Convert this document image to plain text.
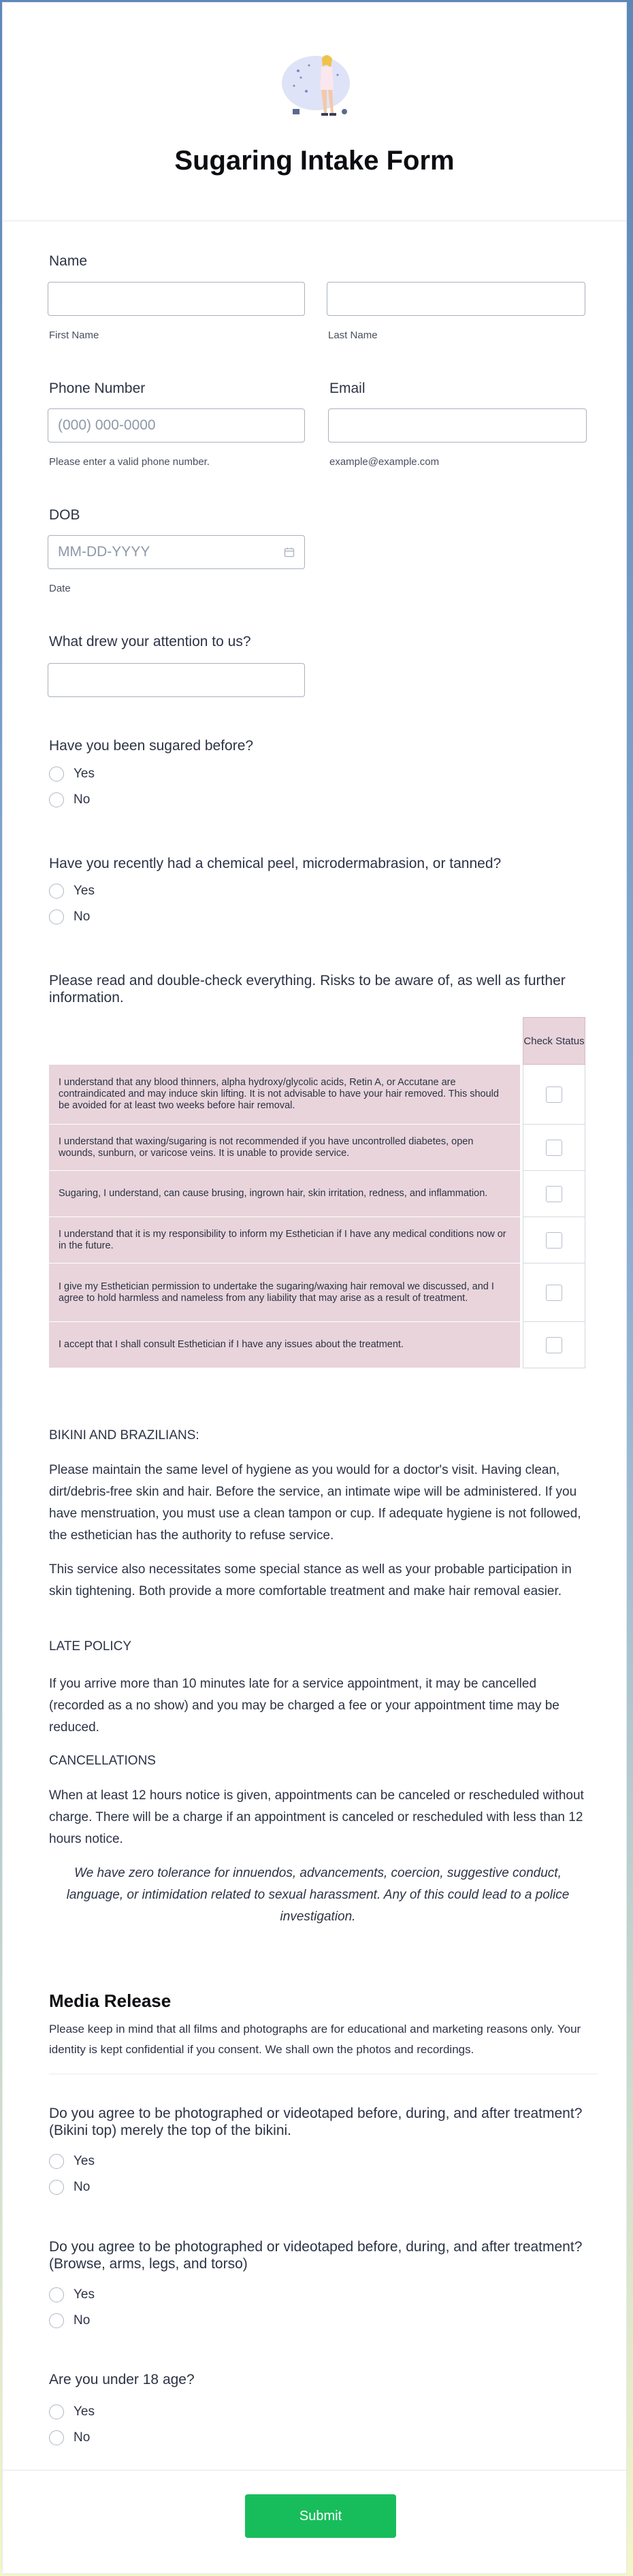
Sugaring Intake Form
Name
First Name	Last Name
Phone Number	Email
(000) 000-0000
Please enter a valid phone number.	example@example.com
DOB
MM-DD-YYYY
Date
What drew your attention to us?
Have you been sugared before?
Yes
No
Have you recently had a chemical peel, microdermabrasion, or tanned?
Yes
No
Please read and double-check everything. Risks to be aware of, as well as further information.
Check Status
I understand that any blood thinners, alpha hydroxy/glycolic acids, Retin A, or Accutane are contraindicated and may induce skin lifting. It is not advisable to have your hair removed. This should be avoided for at least two weeks before hair removal.
I understand that waxing/sugaring is not recommended if you have uncontrolled diabetes, open wounds, sunburn, or varicose veins. It is unable to provide service.
Sugaring, I understand, can cause brusing, ingrown hair, skin irritation, redness, and inflammation.
I understand that it is my responsibility to inform my Esthetician if I have any medical conditions now or in the future.
I give my Esthetician permission to undertake the sugaring/waxing hair removal we discussed, and I agree to hold harmless and nameless from any liability that may arise as a result of treatment.
I accept that I shall consult Esthetician if I have any issues about the treatment.
BIKINI AND BRAZILIANS:
Please maintain the same level of hygiene as you would for a doctor's visit. Having clean, dirt/debris-free skin and hair. Before the service, an intimate wipe will be administered. If you have menstruation, you must use a clean tampon or cup. If adequate hygiene is not followed, the esthetician has the authority to refuse service.
This service also necessitates some special stance as well as your probable participation in skin tightening. Both provide a more comfortable treatment and make hair removal easier.
LATE POLICY
If you arrive more than 10 minutes late for a service appointment, it may be cancelled (recorded as a no show) and you may be charged a fee or your appointment time may be reduced.
CANCELLATIONS
When at least 12 hours notice is given, appointments can be canceled or rescheduled without charge. There will be a charge if an appointment is canceled or rescheduled with less than 12 hours notice.
We have zero tolerance for innuendos, advancements, coercion, suggestive conduct, language, or intimidation related to sexual harassment. Any of this could lead to a police investigation.
Media Release
Please keep in mind that all films and photographs are for educational and marketing reasons only. Your identity is kept confidential if you consent. We shall own the photos and recordings.
Do you agree to be photographed or videotaped before, during, and after treatment? (Bikini top) merely the top of the bikini.
Yes
No
Do you agree to be photographed or videotaped before, during, and after treatment? (Browse, arms, legs, and torso)
Yes
No
Are you under 18 age?
Yes
No
Submit
